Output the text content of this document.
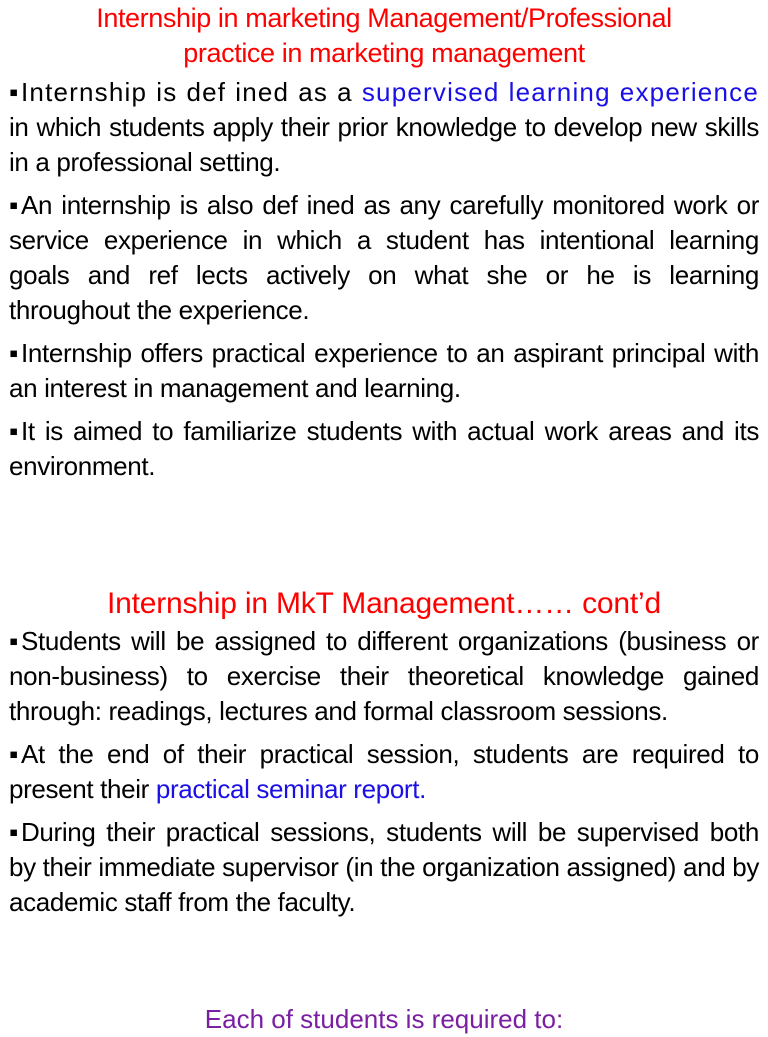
Internship in marketing Management/Professional
practice in marketing management
▪ Internship is def ined as a supervised learning experience in which students apply their prior knowledge to develop new skills in a professional setting.
▪ An internship is also def ined as any carefully monitored work or service experience in which a student has intentional learning goals and ref lects actively on what she or he is learning throughout the experience.
▪ Internship offers practical experience to an aspirant principal with an interest in management and learning.
▪ It is aimed to familiarize students with actual work areas and its environment.
Internship in MkT Management…… cont’d
▪ Students will be assigned to different organizations (business or non-business) to exercise their theoretical knowledge gained through: readings, lectures and formal classroom sessions.
▪ At the end of their practical session, students are required to present their practical seminar report.
▪ During their practical sessions, students will be supervised both by their immediate supervisor (in the organization assigned) and by academic staff from the faculty.
Each of students is required to:
